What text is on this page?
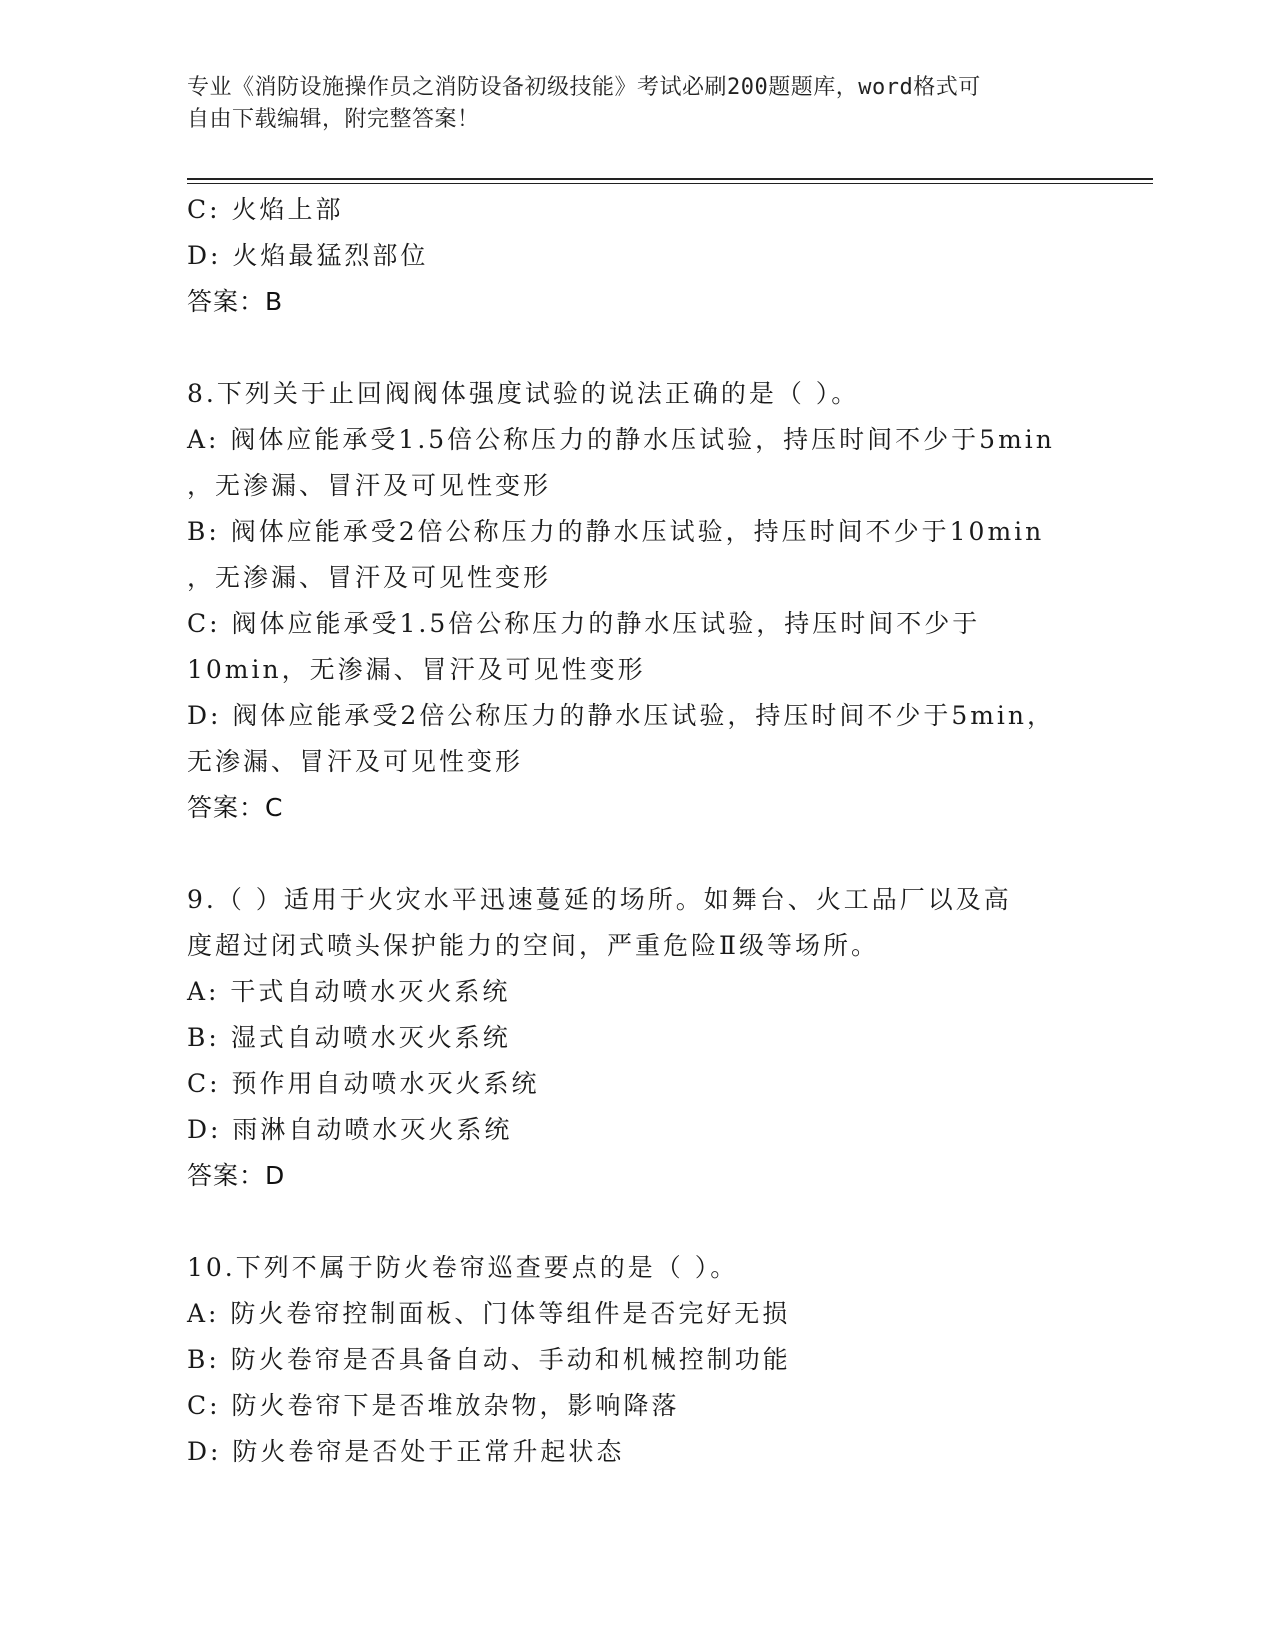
专业《消防设施操作员之消防设备初级技能》考试必刷200题题库，word格式可
自由下载编辑，附完整答案！
C: 火焰上部
D: 火焰最猛烈部位
答案：B
8.下列关于止回阀阀体强度试验的说法正确的是（ ）。
A: 阀体应能承受1.5倍公称压力的静水压试验，持压时间不少于5min
，无渗漏、冒汗及可见性变形
B: 阀体应能承受2倍公称压力的静水压试验，持压时间不少于10min
，无渗漏、冒汗及可见性变形
C: 阀体应能承受1.5倍公称压力的静水压试验，持压时间不少于
10min，无渗漏、冒汗及可见性变形
D: 阀体应能承受2倍公称压力的静水压试验，持压时间不少于5min，
无渗漏、冒汗及可见性变形
答案：C
9.（ ）适用于火灾水平迅速蔓延的场所。如舞台、火工品厂以及高
度超过闭式喷头保护能力的空间，严重危险Ⅱ级等场所。
A: 干式自动喷水灭火系统
B: 湿式自动喷水灭火系统
C: 预作用自动喷水灭火系统
D: 雨淋自动喷水灭火系统
答案：D
10.下列不属于防火卷帘巡查要点的是（ ）。
A: 防火卷帘控制面板、门体等组件是否完好无损
B: 防火卷帘是否具备自动、手动和机械控制功能
C: 防火卷帘下是否堆放杂物，影响降落
D: 防火卷帘是否处于正常升起状态
